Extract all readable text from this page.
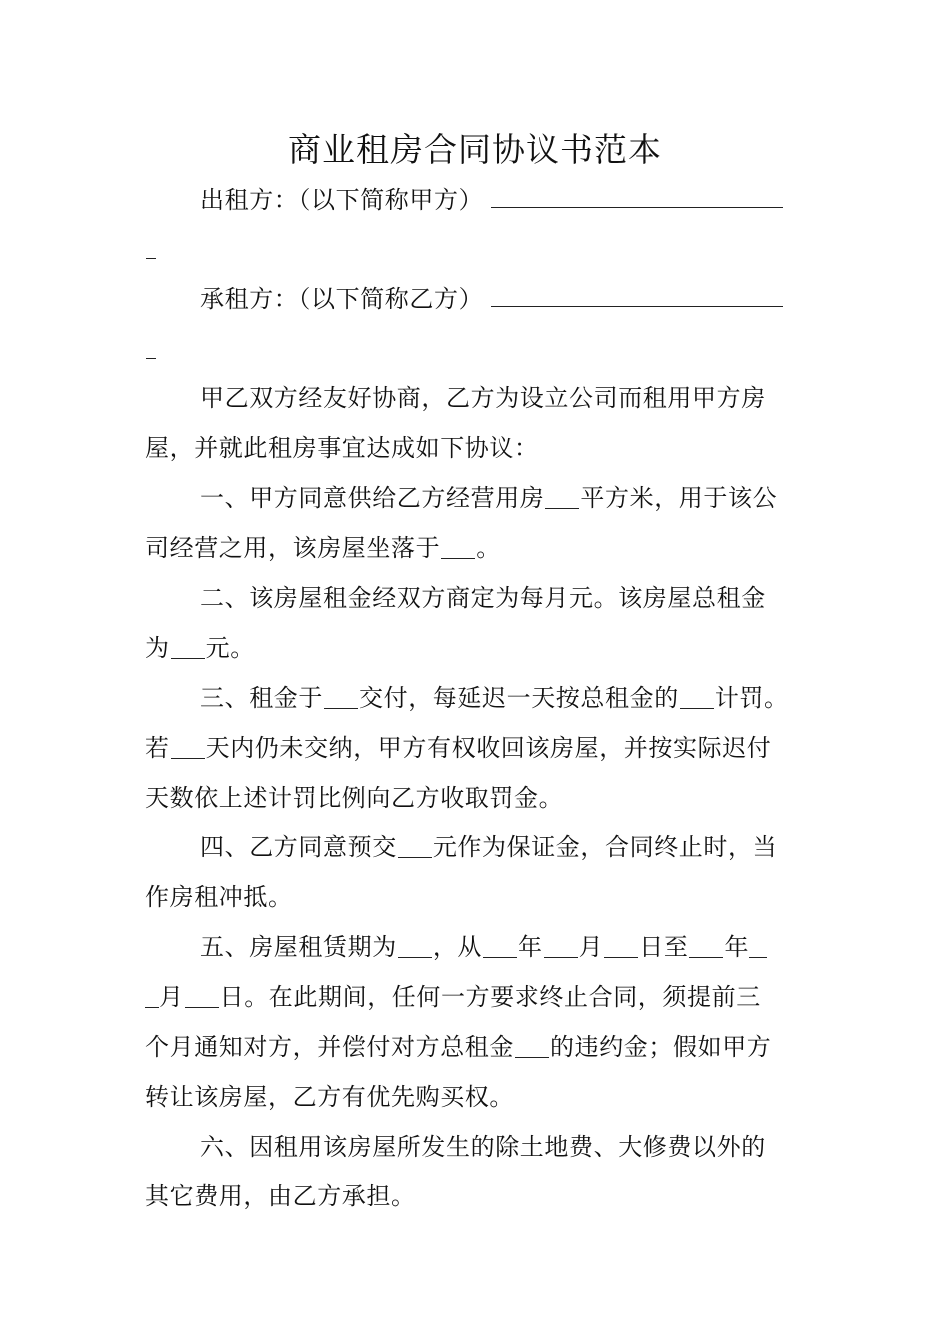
商业租房合同协议书范本
出租方：（以下简称甲方）
承租方：（以下简称乙方）
甲乙双方经友好协商，乙方为设立公司而租用甲方房
屋，并就此租房事宜达成如下协议：
一、甲方同意供给乙方经营用房 平方米，用于该公
司经营之用，该房屋坐落于 。
二、该房屋租金经双方商定为每月元。该房屋总租金
为 元。
三、租金于 交付，每延迟一天按总租金的 计罚。
若 天内仍未交纳，甲方有权收回该房屋，并按实际迟付
天数依上述计罚比例向乙方收取罚金。
四、乙方同意预交 元作为保证金，合同终止时，当
作房租冲抵。
五、房屋租赁期为 ，从 年 月 日至 年
月 日。在此期间，任何一方要求终止合同，须提前三
个月通知对方，并偿付对方总租金 的违约金；假如甲方
转让该房屋，乙方有优先购买权。
六、因租用该房屋所发生的除土地费、大修费以外的
其它费用，由乙方承担。
